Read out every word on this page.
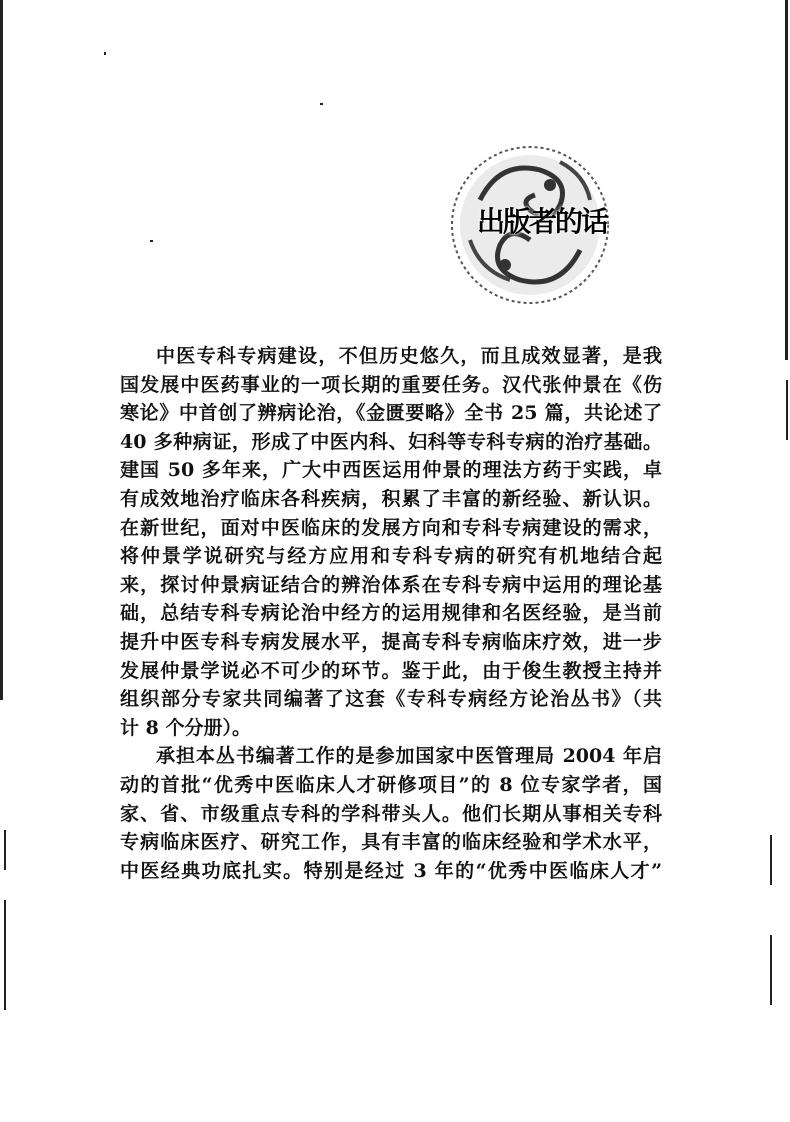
出版者的话
中医专科专病建设，不但历史悠久，而且成效显著，是我
国发展中医药事业的一项长期的重要任务。汉代张仲景在《伤
寒论》中首创了辨病论治，《金匮要略》全书 25 篇，共论述了
40 多种病证，形成了中医内科、妇科等专科专病的治疗基础。
建国 50 多年来，广大中西医运用仲景的理法方药于实践，卓
有成效地治疗临床各科疾病，积累了丰富的新经验、新认识。
在新世纪，面对中医临床的发展方向和专科专病建设的需求，
将仲景学说研究与经方应用和专科专病的研究有机地结合起
来，探讨仲景病证结合的辨治体系在专科专病中运用的理论基
础，总结专科专病论治中经方的运用规律和名医经验，是当前
提升中医专科专病发展水平，提高专科专病临床疗效，进一步
发展仲景学说必不可少的环节。鉴于此，由于俊生教授主持并
组织部分专家共同编著了这套《专科专病经方论治丛书》（共
计 8 个分册）。
承担本丛书编著工作的是参加国家中医管理局 2004 年启
动的首批“优秀中医临床人才研修项目”的 8 位专家学者，国
家、省、市级重点专科的学科带头人。他们长期从事相关专科
专病临床医疗、研究工作，具有丰富的临床经验和学术水平，
中医经典功底扎实。特别是经过 3 年的“优秀中医临床人才”
